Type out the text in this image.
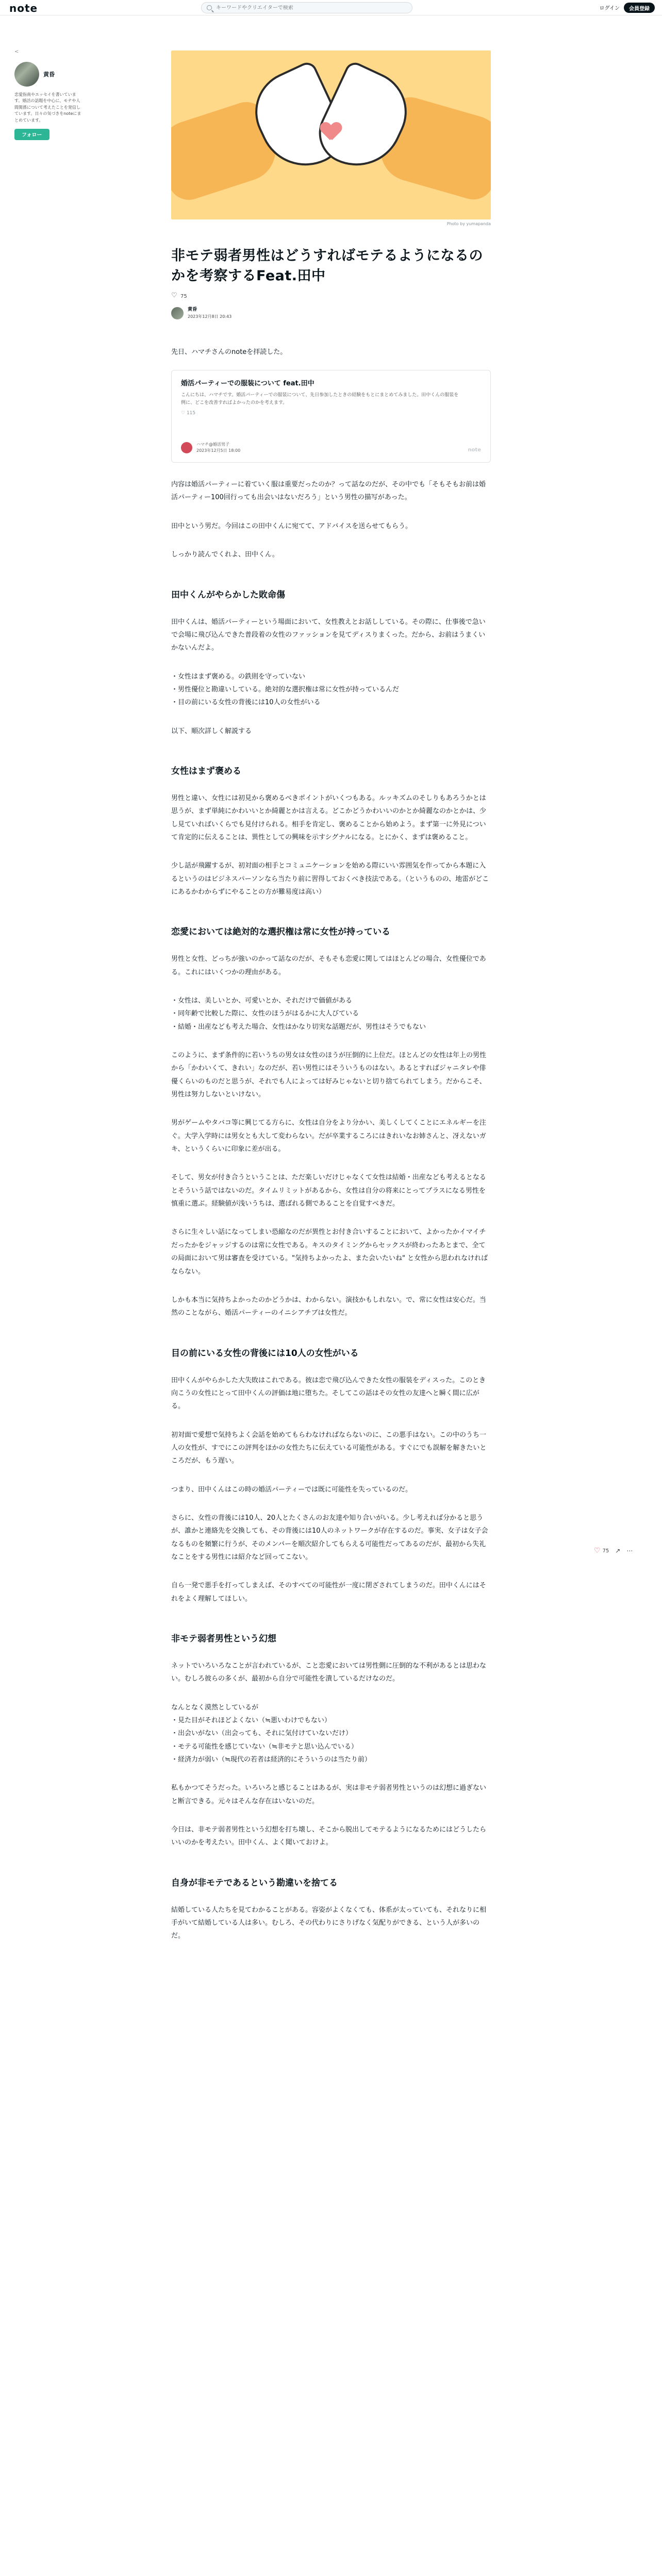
note
キーワードやクリエイターで検索	ログイン	会員登録
<
黄昏
恋愛指南やエッセイを書いています。婚活の話題を中心に、モテや人間関係について考えたことを発信しています。日々の気づきをnoteにまとめています。
フォロー
Photo by yumapanda
非モテ弱者男性はどうすればモテるようになるのかを考察するFeat.田中
♡
75
黄昏
2023年12月8日 20:43

先日、ハマチさんのnoteを拝読した。

婚活パーティーでの服装について feat.田中
こんにちは、ハマチです。婚活パーティーでの服装について、先日参加したときの経験をもとにまとめてみました。田中くんの服装を例に、どこを改善すればよかったのかを考えます。
♡ 115
ハマチ@婚活男子
2023年12月5日 18:00	note

内容は婚活パーティーに着ていく服は重要だったのか？って話なのだが、その中でも「そもそもお前は婚活パーティー100回行っても出会いはないだろう」という男性の描写があった。

田中という男だ。今回はこの田中くんに宛てて、アドバイスを送らせてもらう。

しっかり読んでくれよ、田中くん。

田中くんがやらかした敗命傷

田中くんは、婚活パーティーという場面において、女性教えとお話ししている。その際に、仕事後で急いで会場に飛び込んできた普段着の女性のファッションを見てディスりまくった。だから、お前はうまくいかないんだよ。

・女性はまず褒める。の鉄則を守っていない
・男性優位と勘違いしている。絶対的な選択権は常に女性が持っているんだ
・目の前にいる女性の背後には10人の女性がいる

以下、順次詳しく解説する

女性はまず褒める

男性と違い、女性には初見から褒めるべきポイントがいくつもある。ルッキズムのそしりもあろうかとは思うが、まず単純にかわいいとか綺麗とかは言える。どこかどうかわいいのかとか綺麗なのかとかは、少し見ていればいくらでも見付けられる。相手を肯定し、褒めることから始めよう。まず第一に外見について肯定的に伝えることは、異性としての興味を示すシグナルになる。とにかく、まずは褒めること。

少し話が飛躍するが、初対面の相手とコミュニケーションを始める際にいい雰囲気を作ってから本題に入るというのはビジネスパーソンなら当たり前に習得しておくべき技法である。（というものの、地雷がどこにあるかわからずにやることの方が難易度は高い）

恋愛においては絶対的な選択権は常に女性が持っている

男性と女性、どっちが強いのかって話なのだが、そもそも恋愛に関してはほとんどの場合、女性優位である。これにはいくつかの理由がある。

・女性は、美しいとか、可愛いとか、それだけで価値がある
・同年齢で比較した際に、女性のほうがはるかに大人びている
・結婚・出産なども考えた場合、女性はかなり切実な話題だが、男性はそうでもない

このように、まず条件的に若いうちの男女は女性のほうが圧倒的に上位だ。ほとんどの女性は年上の男性から「かわいくて、きれい」なのだが、若い男性にはそういうものはない。あるとすればジャニタレや俳優くらいのものだと思うが、それでも人によっては好みじゃないと切り捨てられてしまう。だからこそ、男性は努力しないといけない。

男がゲームやタバコ等に興じてる方らに、女性は自分をより分かい、美しくしてくことにエネルギーを注ぐ。大学入学時には男女とも大して変わらない。だが卒業するころにはきれいなお姉さんと、冴えないガキ、というくらいに印象に差が出る。

そして、男女が付き合うということは、ただ楽しいだけじゃなくて女性は結婚・出産なども考えるとなるとそういう話ではないのだ。タイムリミットがあるから、女性は自分の将来にとってプラスになる男性を慎重に選ぶ。経験値が浅いうちは、選ばれる側であることを自覚すべきだ。

さらに生々しい話になってしまい恐縮なのだが異性とお付き合いすることにおいて、よかったかイマイチだったかをジャッジするのは常に女性である。キスのタイミングからセックスが終わったあとまで、全ての局面において男は審査を受けている。"気持ちよかったよ、また会いたいね" と女性から思われなければならない。

しかも本当に気持ちよかったのかどうかは、わからない。演技かもしれない。で、常に女性は安心だ。当然のことながら、婚活パーティーのイニシアチブは女性だ。

目の前にいる女性の背後には10人の女性がいる

田中くんがやらかした大失敗はこれである。彼は恋で飛び込んできた女性の服装をディスった。このとき向こうの女性にとって田中くんの評価は地に堕ちた。そしてこの話はその女性の友達へと瞬く間に広がる。

初対面で愛想で気持ちよく会話を始めてもらわなければならないのに、この悪手はない。この中のうち一人の女性が、すでにこの評判をほかの女性たちに伝えている可能性がある。すぐにでも誤解を解きたいところだが、もう遅い。

つまり、田中くんはこの時の婚活パーティーでは既に可能性を失っているのだ。

さらに、女性の背後には10人、20人とたくさんのお友達や知り合いがいる。少し考えれば分かると思うが、誰かと連絡先を交換しても、その背後には10人のネットワークが存在するのだ。事実、女子は女子会なるものを頻繁に行うが、そのメンバーを順次紹介してもらえる可能性だってあるのだが、最初から失礼なことをする男性には紹介など回ってこない。

自ら一発で悪手を打ってしまえば、そのすべての可能性が一度に閉ざされてしまうのだ。田中くんにはそれをよく理解してほしい。

非モテ弱者男性という幻想

ネットでいろいろなことが言われているが、こと恋愛においては男性側に圧倒的な不利があるとは思わない。むしろ彼らの多くが、最初から自分で可能性を潰しているだけなのだ。

なんとなく漠然としているが

・見た目がそれほどよくない（≒悪いわけでもない）
・出会いがない（出会っても、それに気付けていないだけ）
・モテる可能性を感じていない（≒非モテと思い込んでいる）
・経済力が弱い（≒現代の若者は経済的にそういうのは当たり前）

私もかつてそうだった。いろいろと感じることはあるが、実は非モテ弱者男性というのは幻想に過ぎないと断言できる。元々はそんな存在はいないのだ。

今日は、非モテ弱者男性という幻想を打ち壊し、そこから脱出してモテるようになるためにはどうしたらいいのかを考えたい。田中くん、よく聞いておけよ。

自身が非モテであるという勘違いを捨てる

結婚している人たちを見てわかることがある。容姿がよくなくても、体系が太っていても、それなりに相手がいて結婚している人は多い。むしろ、その代わりにさりげなく気配りができる、という人が多いのだ。

♡ 75 ↗ ⋯
